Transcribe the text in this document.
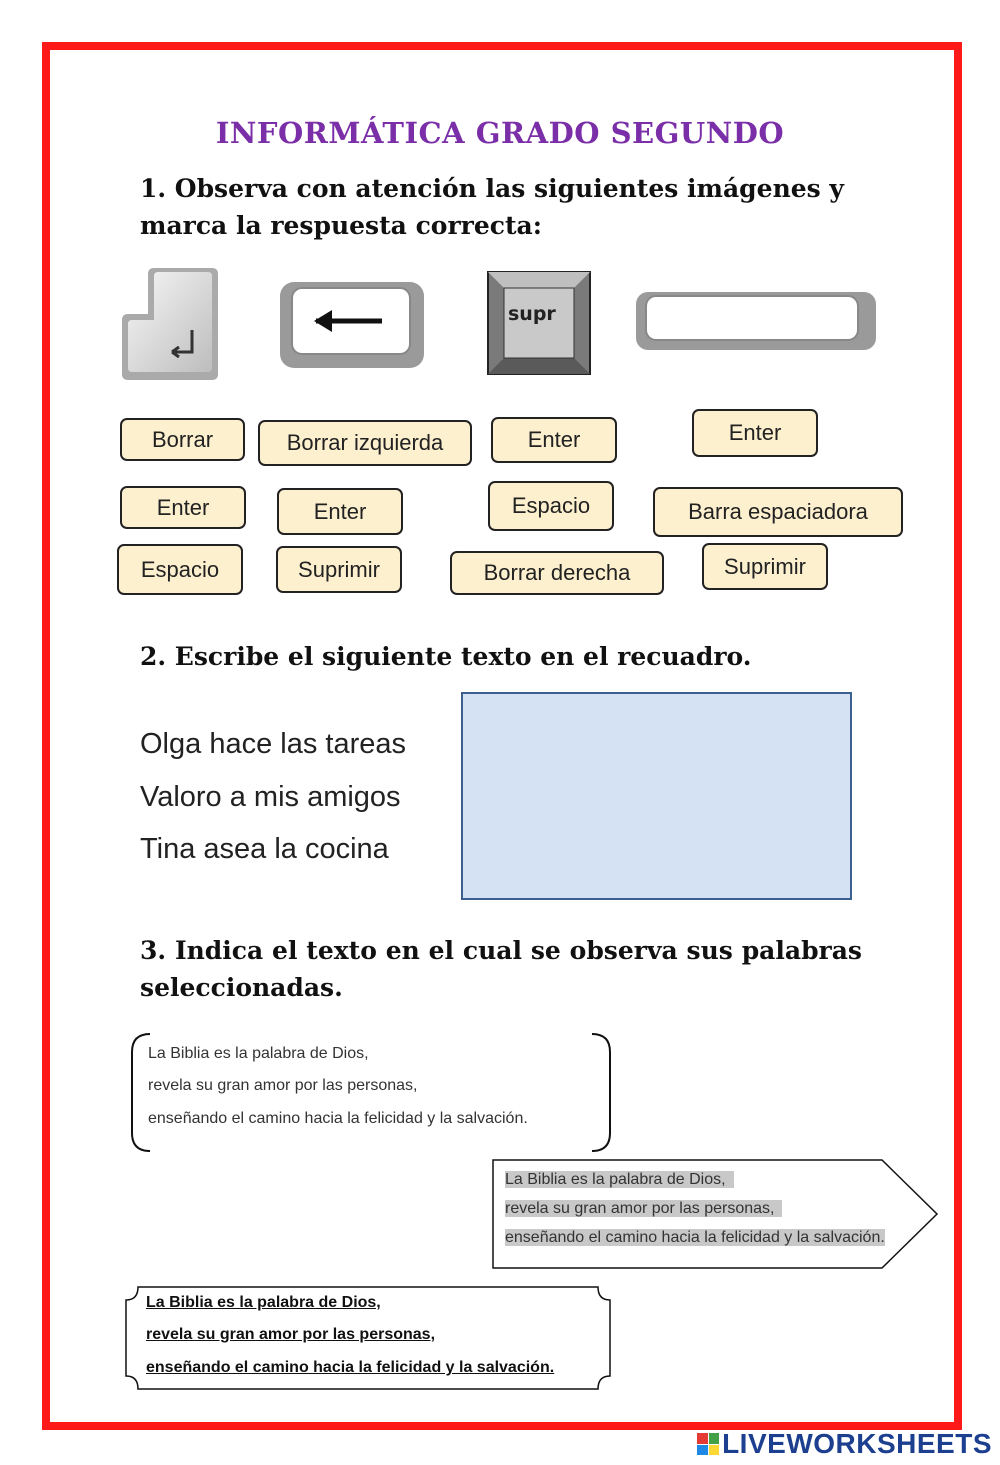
INFORMÁTICA GRADO SEGUNDO
1. Observa con atención las siguientes imágenes y marca la respuesta correcta:
supr
Borrar	Borrar izquierda	Enter	Enter
Enter	Enter	Espacio	Barra espaciadora
Espacio	Suprimir	Borrar derecha	Suprimir
2. Escribe el siguiente texto en el recuadro.
Olga hace las tareas
Valoro a mis amigos
Tina asea la cocina
3. Indica el texto en el cual se observa sus palabras seleccionadas.
La Biblia es la palabra de Dios,
revela su gran amor por las personas,
enseñando el camino hacia la felicidad y la salvación.
La Biblia es la palabra de Dios,
revela su gran amor por las personas,
enseñando el camino hacia la felicidad y la salvación.
La Biblia es la palabra de Dios,
revela su gran amor por las personas,
enseñando el camino hacia la felicidad y la salvación.
LIVEWORKSHEETS
